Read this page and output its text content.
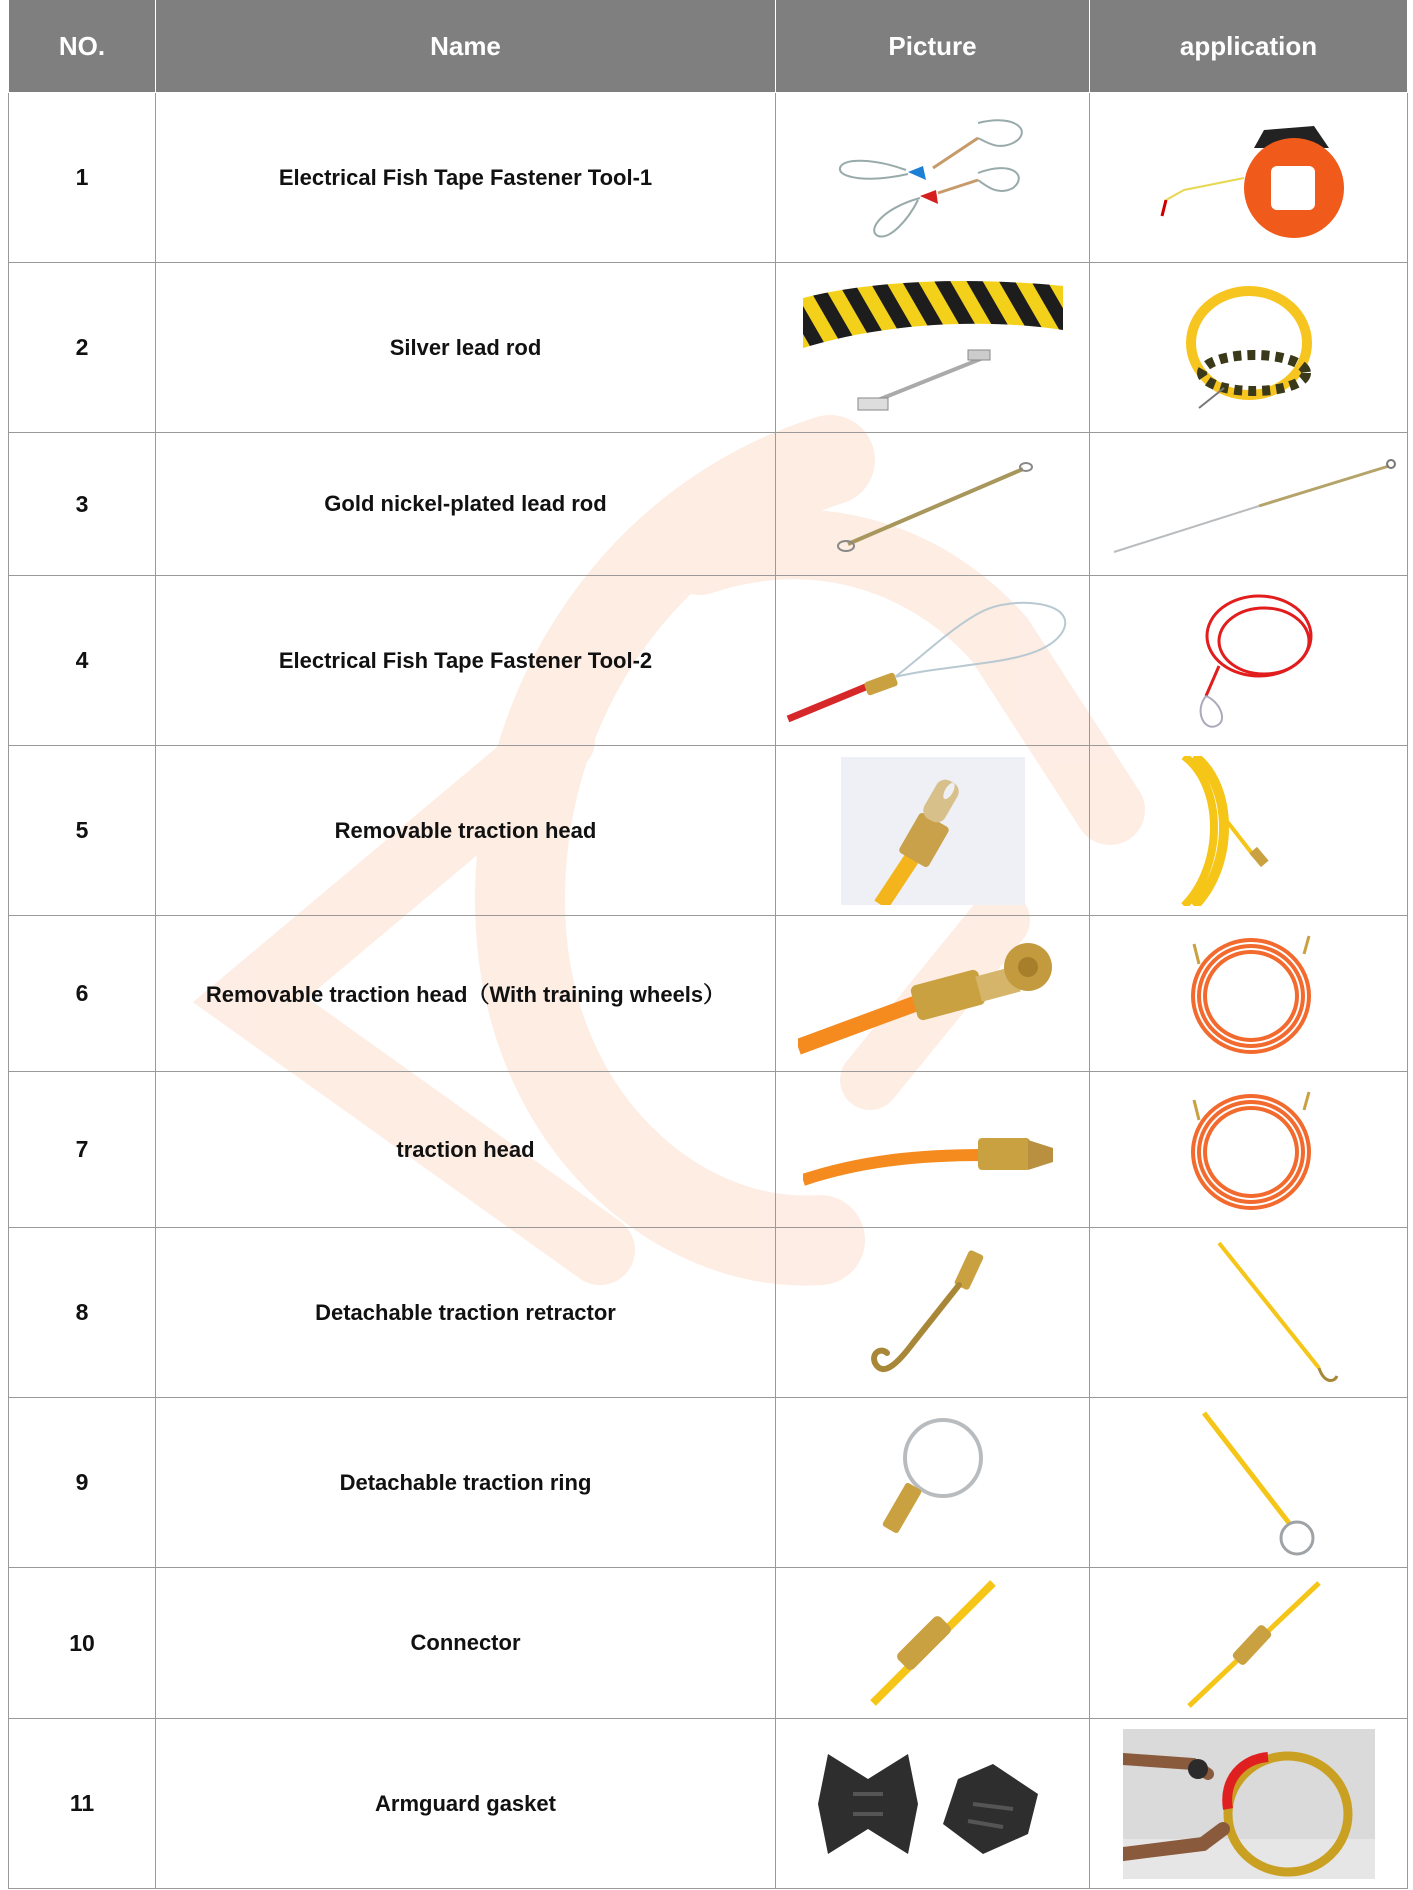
NO.	Name	Picture	application
1	Electrical Fish Tape Fastener Tool-1	

2	Silver lead rod	

3	Gold nickel-plated lead rod	

4	Electrical Fish Tape Fastener Tool-2	

5	Removable traction head	

6	Removable traction head（With training wheels）	

7	traction head	

8	Detachable traction retractor	

9	Detachable traction ring	

10	Connector	

11	Armguard gasket	
